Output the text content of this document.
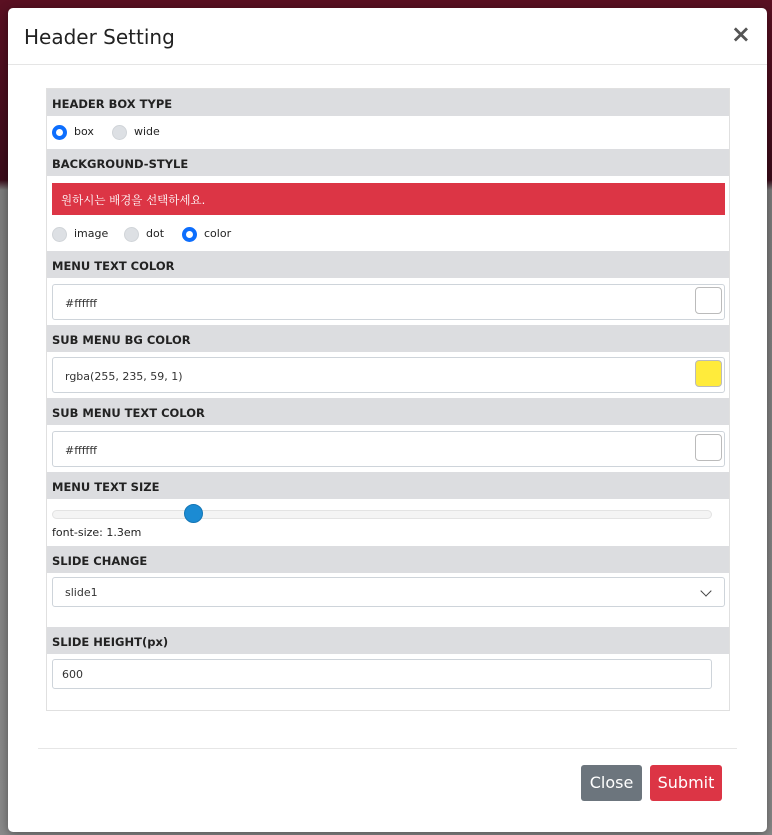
Header Setting	×
HEADER BOX TYPE
box	wide
BACKGROUND-STYLE
원하시는 배경을 선택하세요.
image	dot	color
MENU TEXT COLOR
#ffffff
SUB MENU BG COLOR
rgba(255, 235, 59, 1)
SUB MENU TEXT COLOR
#ffffff
MENU TEXT SIZE
font-size: 1.3em
SLIDE CHANGE
slide1
SLIDE HEIGHT(px)
600
Close	Submit
